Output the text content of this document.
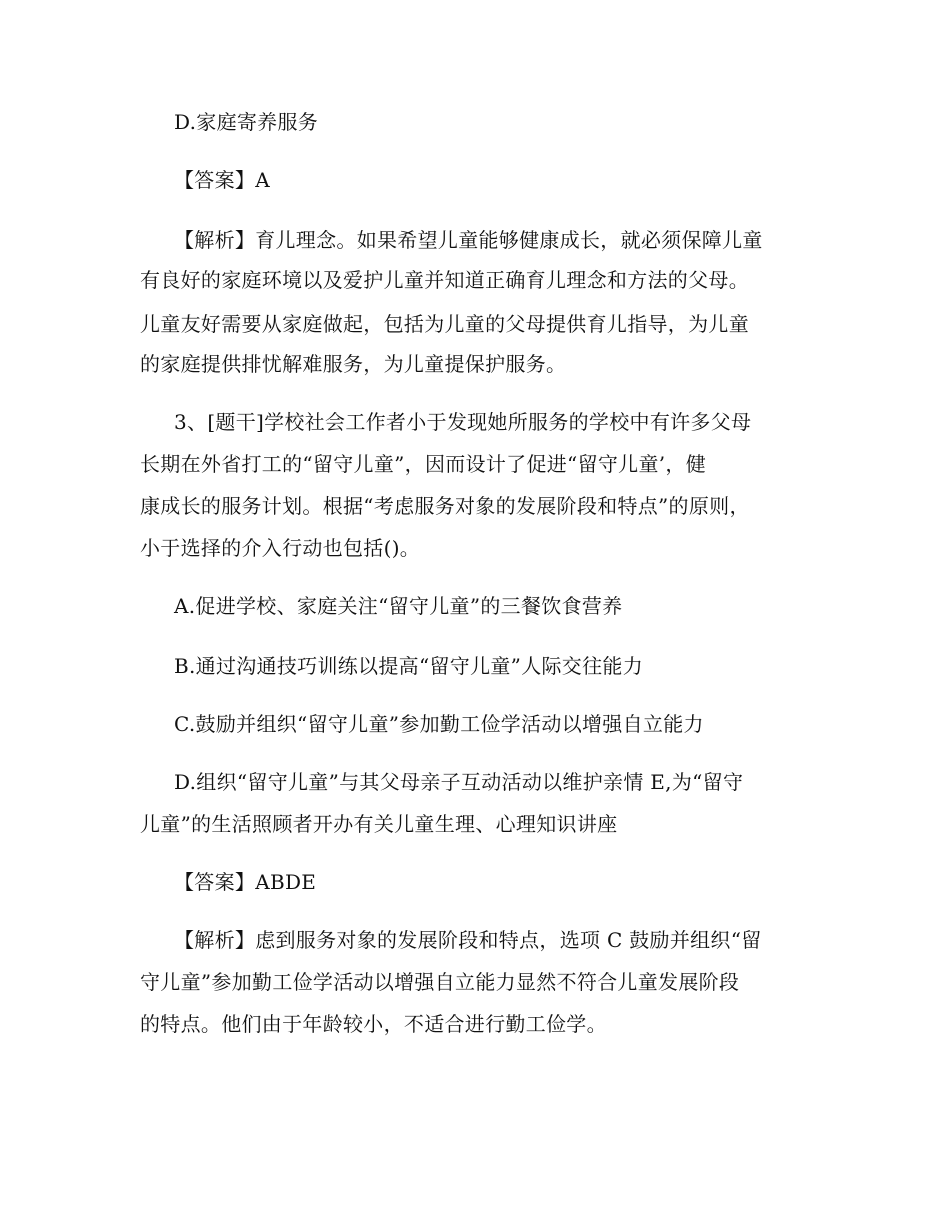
D.家庭寄养服务
【答案】A
【解析】育儿理念。如果希望儿童能够健康成长，就必须保障儿童
有良好的家庭环境以及爱护儿童并知道正确育儿理念和方法的父母。
儿童友好需要从家庭做起，包括为儿童的父母提供育儿指导，为儿童
的家庭提供排忧解难服务，为儿童提保护服务。
3、[题干]学校社会工作者小于发现她所服务的学校中有许多父母
长期在外省打工的“留守儿童”，因而设计了促进“留守儿童’，健
康成长的服务计划。根据“考虑服务对象的发展阶段和特点”的原则，
小于选择的介入行动也包括()。
A.促进学校、家庭关注“留守儿童”的三餐饮食营养
B.通过沟通技巧训练以提高“留守儿童”人际交往能力
C.鼓励并组织“留守儿童”参加勤工俭学活动以增强自立能力
D.组织“留守儿童”与其父母亲子互动活动以维护亲情 E,为“留守
儿童”的生活照顾者开办有关儿童生理、心理知识讲座
【答案】ABDE
【解析】虑到服务对象的发展阶段和特点，选项 C 鼓励并组织“留
守儿童”参加勤工俭学活动以增强自立能力显然不符合儿童发展阶段
的特点。他们由于年龄较小，不适合进行勤工俭学。
